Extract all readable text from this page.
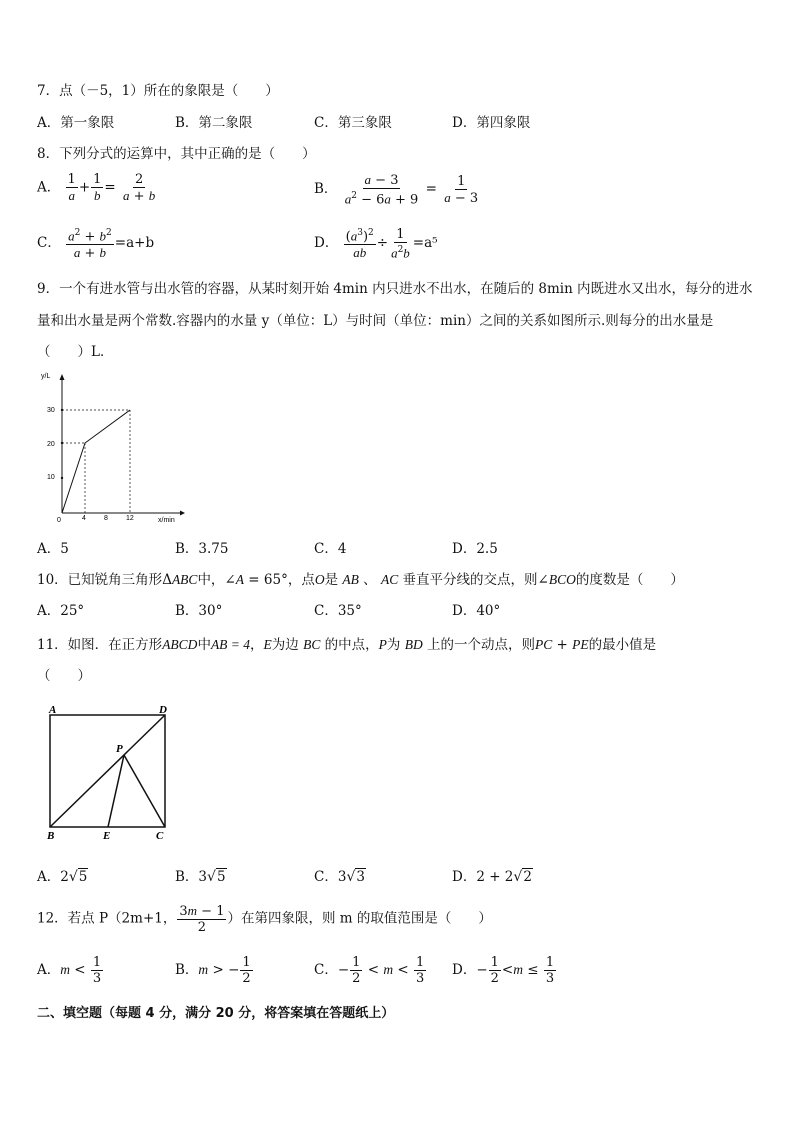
7．点（－5，1）所在的象限是（　　）
A．第一象限	B．第二象限	C．第三象限	D．第四象限
8．下列分式的运算中，其中正确的是（　　）
A． $\frac{1}{a} + \frac{1}{b} = \frac{2}{a + b}$	B． $\frac{a - 3}{a^2 - 6a + 9} = \frac{1}{a - 3}$
C． $\frac{a^2 + b^2}{a + b} =a+b$	D． $\frac{(a^3)^2}{ab} \div \frac{1}{a^2b} =a^5$
9．一个有进水管与出水管的容器，从某时刻开始 4min 内只进水不出水，在随后的 8min 内既进水又出水，每分的进水
量和出水量是两个常数.容器内的水量 y（单位：L）与时间（单位：min）之间的关系如图所示.则每分的出水量是
（　　）L．
y/L
x/min
30
20
10
0	4	8	12
A．5	B．3.75	C．4	D．2.5
10．已知锐角三角形ΔABC中，∠A = 65°，点O是 AB 、 AC 垂直平分线的交点，则∠BCO的度数是（　　）
A．25°	B．30°	C．35°	D．40°
11．如图．在正方形ABCD中AB = 4，E为边 BC 的中点，P为 BD 上的一个动点，则PC + PE的最小值是
（　　）
A	D
P
B	E	C
A．2√5	B．3√5	C．3√3	D．2 + 2√2
12．若点 P（2m+1， $\frac{3m - 1}{2}$ ）在第四象限，则 m 的取值范围是（　　）
A．$m < \frac{1}{3}$	B．m > − $\frac{1}{2}$	C．− $\frac{1}{2} < m < \frac{1}{3}$ D．− $\frac{1}{2} <m \le \frac{1}{3}$
二、填空题（每题 4 分，满分 20 分，将答案填在答题纸上）
